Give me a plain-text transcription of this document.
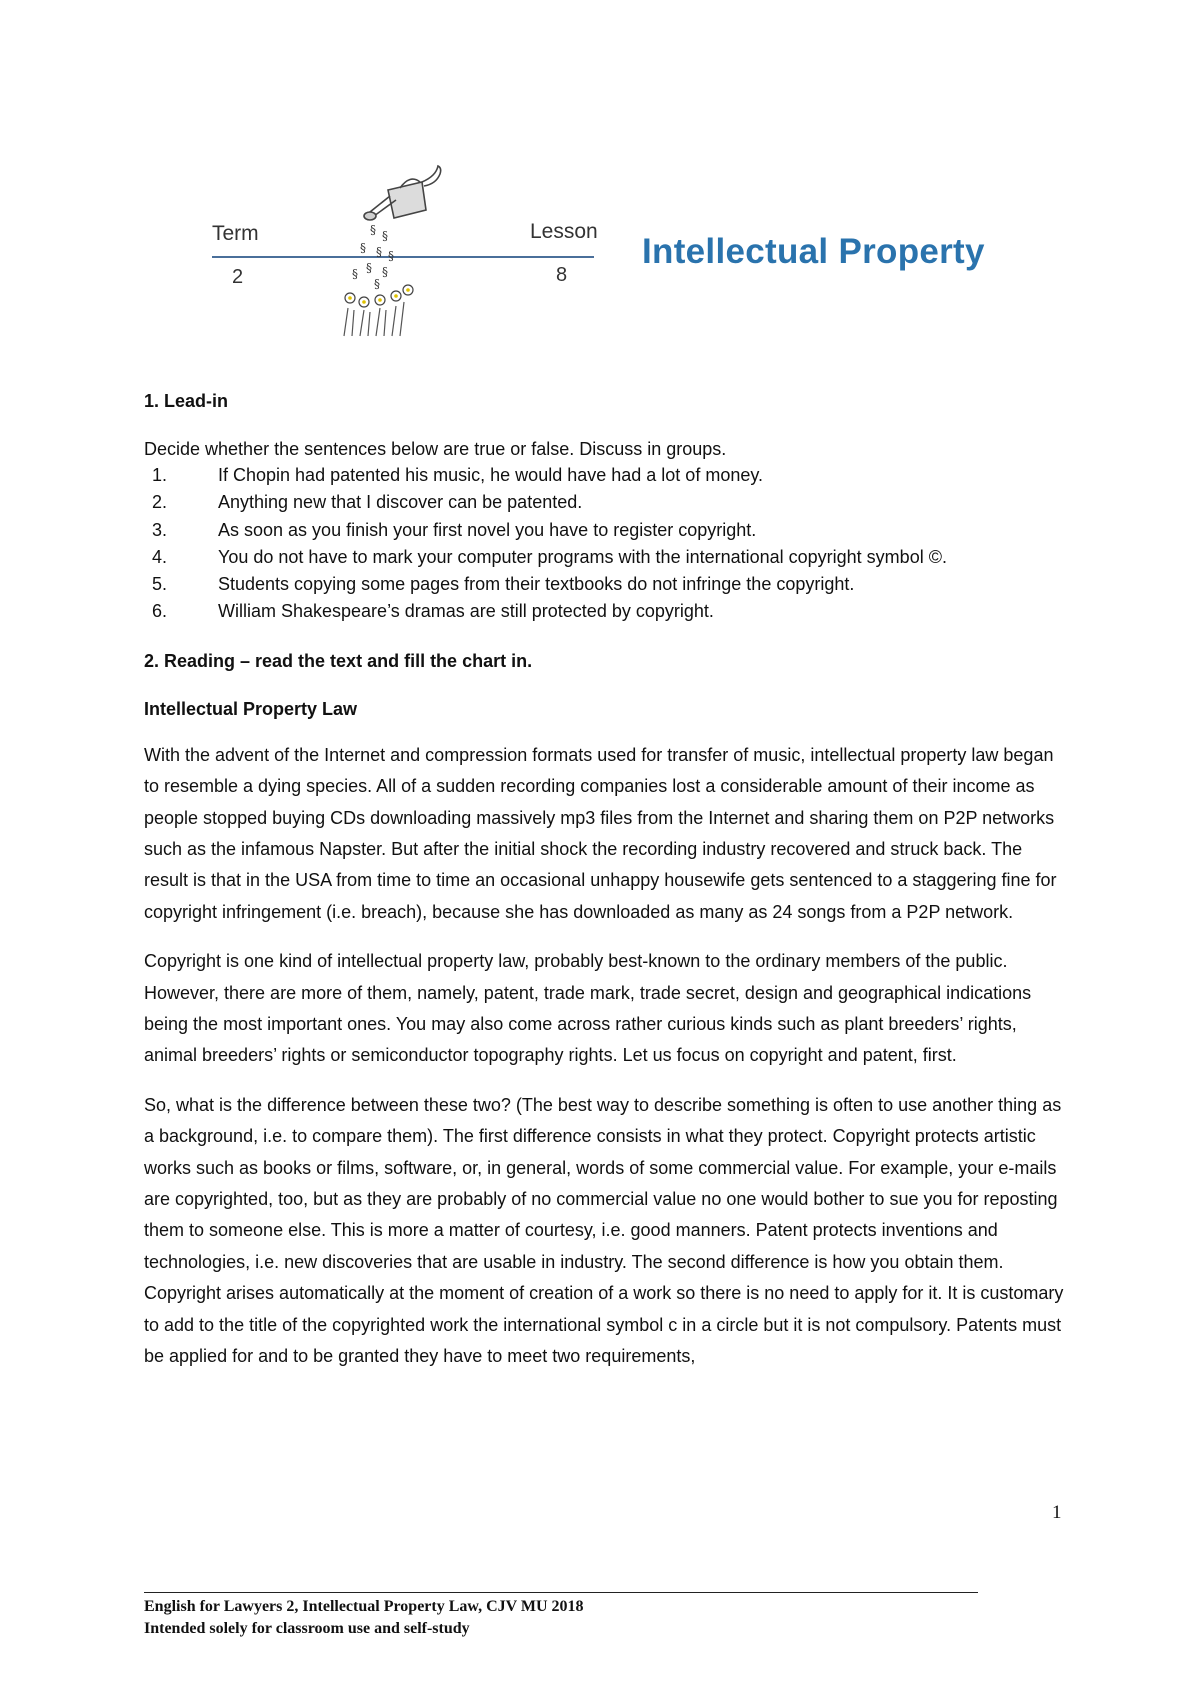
Term	Lesson
2	8
§ §
§ § §
§ §
§
§
Intellectual Property

1. Lead-in

Decide whether the sentences below are true or false. Discuss in groups.

1.	If Chopin had patented his music, he would have had a lot of money.
2.	Anything new that I discover can be patented.
3.	As soon as you finish your first novel you have to register copyright.
4.	You do not have to mark your computer programs with the international copyright symbol ©.
5.	Students copying some pages from their textbooks do not infringe the copyright.
6.	William Shakespeare’s dramas are still protected by copyright.

2. Reading – read the text and fill the chart in.

Intellectual Property Law

With the advent of the Internet and compression formats used for transfer of music, intellectual property law began to resemble a dying species. All of a sudden recording companies lost a considerable amount of their income as people stopped buying CDs downloading massively mp3 files from the Internet and sharing them on P2P networks such as the infamous Napster. But after the initial shock the recording industry recovered and struck back. The result is that in the USA from time to time an occasional unhappy housewife gets sentenced to a staggering fine for copyright infringement (i.e. breach), because she has downloaded as many as 24 songs from a P2P network.

Copyright is one kind of intellectual property law, probably best-known to the ordinary members of the public. However, there are more of them, namely, patent, trade mark, trade secret, design and geographical indications being the most important ones. You may also come across rather curious kinds such as plant breeders’ rights, animal breeders’ rights or semiconductor topography rights. Let us focus on copyright and patent, first.

So, what is the difference between these two? (The best way to describe something is often to use another thing as a background, i.e. to compare them). The first difference consists in what they protect. Copyright protects artistic works such as books or films, software, or, in general, words of some commercial value. For example, your e-mails are copyrighted, too, but as they are probably of no commercial value no one would bother to sue you for reposting them to someone else. This is more a matter of courtesy, i.e. good manners. Patent protects inventions and technologies, i.e. new discoveries that are usable in industry. The second difference is how you obtain them. Copyright arises automatically at the moment of creation of a work so there is no need to apply for it. It is customary to add to the title of the copyrighted work the international symbol c in a circle but it is not compulsory. Patents must be applied for and to be granted they have to meet two requirements,

1
English for Lawyers 2, Intellectual Property Law, CJV MU 2018
Intended solely for classroom use and self-study
